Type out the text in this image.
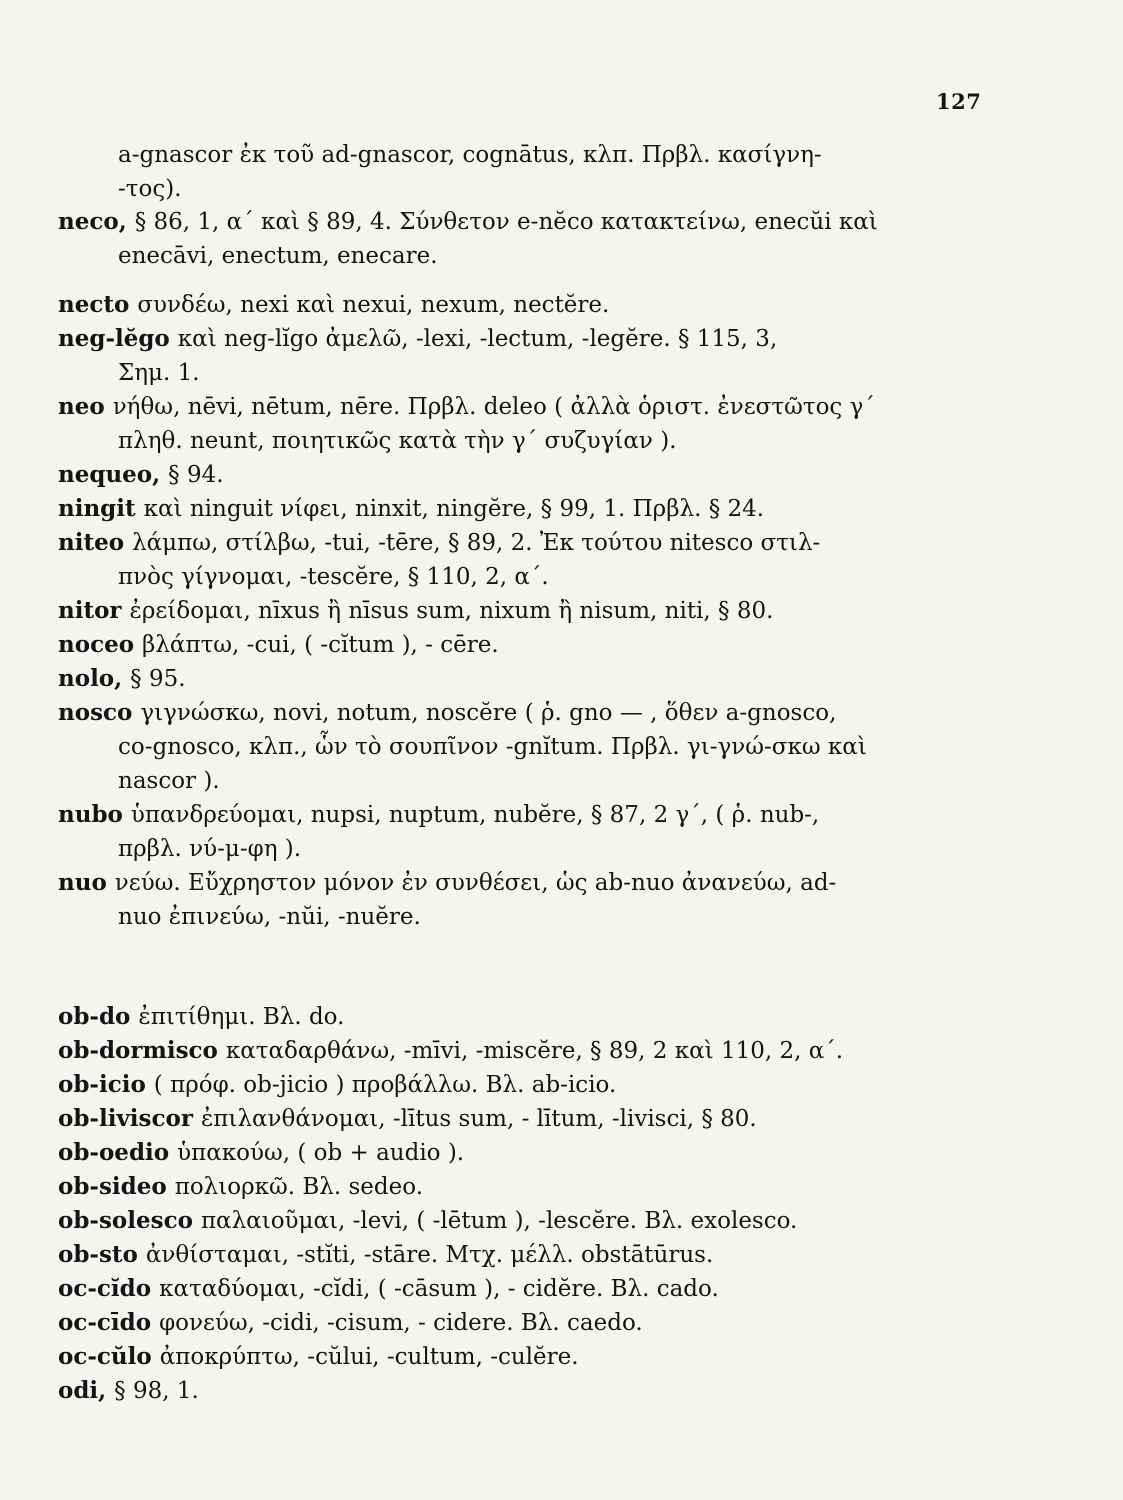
127
a-gnascor ἐκ τοῦ ad-gnascor, cognātus, κλπ. Πρβλ. κασίγνη-
-τος).
neco, § 86, 1, α΄ καὶ § 89, 4. Σύνθετον e-nĕco κατακτείνω, enecŭi καὶ
enecāvi, enectum, enecare.
necto συνδέω, nexi καὶ nexui, nexum, nectĕre.
neg-lĕgo καὶ neg-lĭgo ἀμελῶ, -lexi, -lectum, -legĕre. § 115, 3,
Σημ. 1.
neo νήθω, nēvi, nētum, nēre. Πρβλ. deleo ( ἀλλὰ ὁριστ. ἐνεστῶτος γ΄
πληθ. neunt, ποιητικῶς κατὰ τὴν γ΄ συζυγίαν ).
nequeo, § 94.
ningit καὶ ninguit νίφει, ninxit, ningĕre, § 99, 1. Πρβλ. § 24.
niteo λάμπω, στίλβω, -tui, -tēre, § 89, 2. Ἐκ τούτου nitesco στιλ-
πνὸς γίγνομαι, -tescĕre, § 110, 2, α΄.
nitor ἐρείδομαι, nīxus ἢ nīsus sum, nixum ἢ nisum, niti, § 80.
noceo βλάπτω, -cui, ( -cĭtum ), - cēre.
nolo, § 95.
nosco γιγνώσκω, novi, notum, noscĕre ( ῥ. gno — , ὅθεν a-gnosco,
co-gnosco, κλπ., ὧν τὸ σουπῖνον -gnĭtum. Πρβλ. γι-γνώ-σκω καὶ
nascor ).
nubo ὑπανδρεύομαι, nupsi, nuptum, nubĕre, § 87, 2 γ΄, ( ῥ. nub-,
πρβλ. νύ-μ-φη ).
nuo νεύω. Εὔχρηστον μόνον ἐν συνθέσει, ὡς ab-nuo ἀνανεύω, ad-
nuo ἐπινεύω, -nŭi, -nuĕre.
ob-do ἐπιτίθημι. Βλ. do.
ob-dormisco καταδαρθάνω, -mīvi, -miscĕre, § 89, 2 καὶ 110, 2, α΄.
ob-icio ( πρόφ. ob-jicio ) προβάλλω. Βλ. ab-icio.
ob-liviscor ἐπιλανθάνομαι, -lītus sum, - lītum, -livisci, § 80.
ob-oedio ὑπακούω, ( ob + audio ).
ob-sideo πολιορκῶ. Βλ. sedeo.
ob-solesco παλαιοῦμαι, -levi, ( -lētum ), -lescĕre. Βλ. exolesco.
ob-sto ἀνθίσταμαι, -stĭti, -stāre. Μτχ. μέλλ. obstātūrus.
oc-cĭdo καταδύομαι, -cĭdi, ( -cāsum ), - cidĕre. Βλ. cado.
oc-cīdo φονεύω, -cidi, -cisum, - cidere. Βλ. caedo.
oc-cŭlo ἀποκρύπτω, -cŭlui, -cultum, -culĕre.
odi, § 98, 1.
